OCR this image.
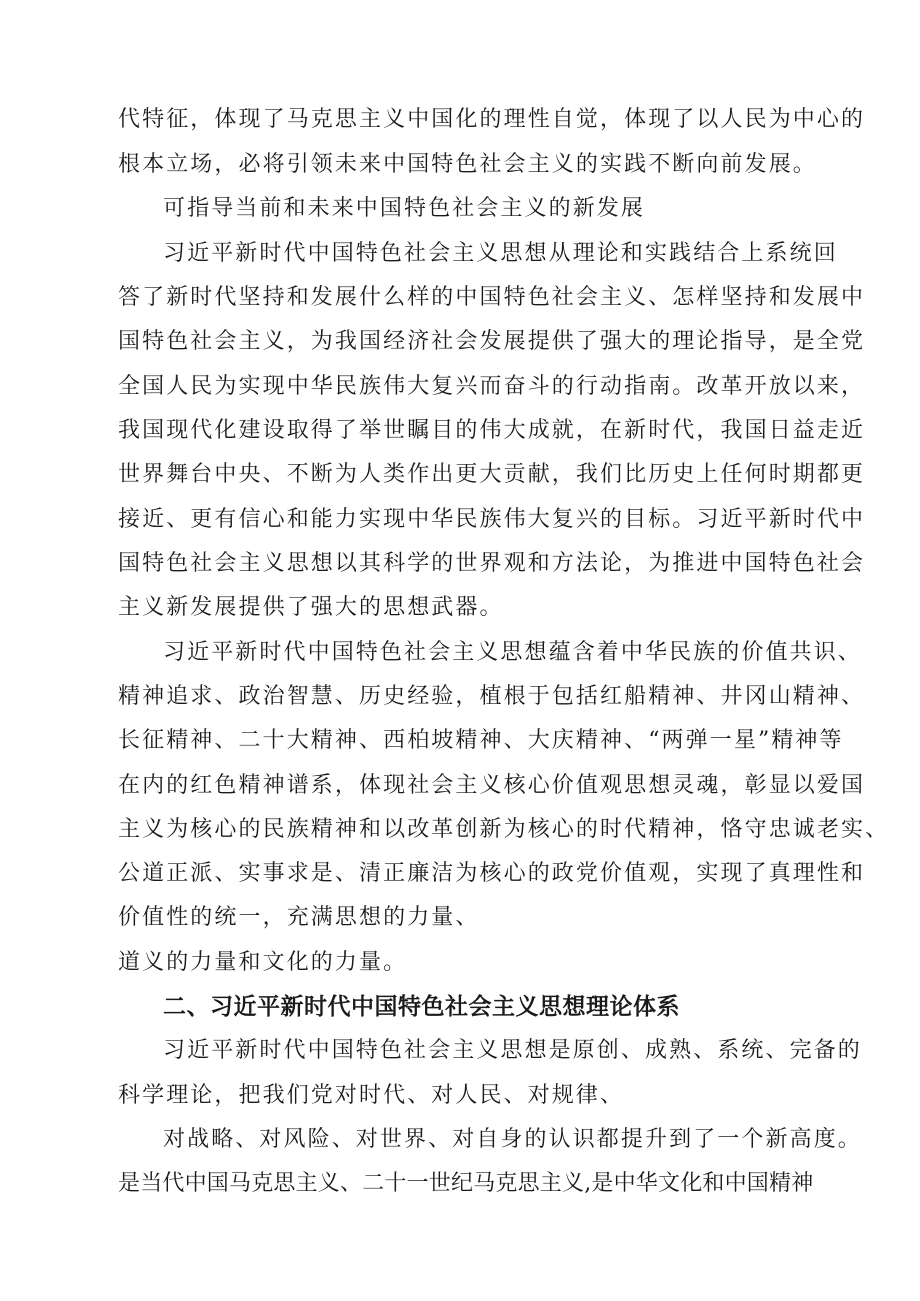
代特征，体现了马克思主义中国化的理性自觉，体现了以人民为中心的
根本立场，必将引领未来中国特色社会主义的实践不断向前发展。
可指导当前和未来中国特色社会主义的新发展
习近平新时代中国特色社会主义思想从理论和实践结合上系统回
答了新时代坚持和发展什么样的中国特色社会主义、怎样坚持和发展中
国特色社会主义，为我国经济社会发展提供了强大的理论指导，是全党
全国人民为实现中华民族伟大复兴而奋斗的行动指南。改革开放以来，
我国现代化建设取得了举世瞩目的伟大成就，在新时代，我国日益走近
世界舞台中央、不断为人类作出更大贡献，我们比历史上任何时期都更
接近、更有信心和能力实现中华民族伟大复兴的目标。习近平新时代中
国特色社会主义思想以其科学的世界观和方法论，为推进中国特色社会
主义新发展提供了强大的思想武器。
习近平新时代中国特色社会主义思想蕴含着中华民族的价值共识、
精神追求、政治智慧、历史经验，植根于包括红船精神、井冈山精神、
长征精神、二十大精神、西柏坡精神、大庆精神、“两弹一星”精神等
在内的红色精神谱系，体现社会主义核心价值观思想灵魂，彰显以爱国
主义为核心的民族精神和以改革创新为核心的时代精神，恪守忠诚老实、
公道正派、实事求是、清正廉洁为核心的政党价值观，实现了真理性和
价值性的统一，充满思想的力量、
道义的力量和文化的力量。
二、习近平新时代中国特色社会主义思想理论体系
习近平新时代中国特色社会主义思想是原创、成熟、系统、完备的
科学理论，把我们党对时代、对人民、对规律、
对战略、对风险、对世界、对自身的认识都提升到了一个新高度。
是当代中国马克思主义、二十一世纪马克思主义,是中华文化和中国精神
